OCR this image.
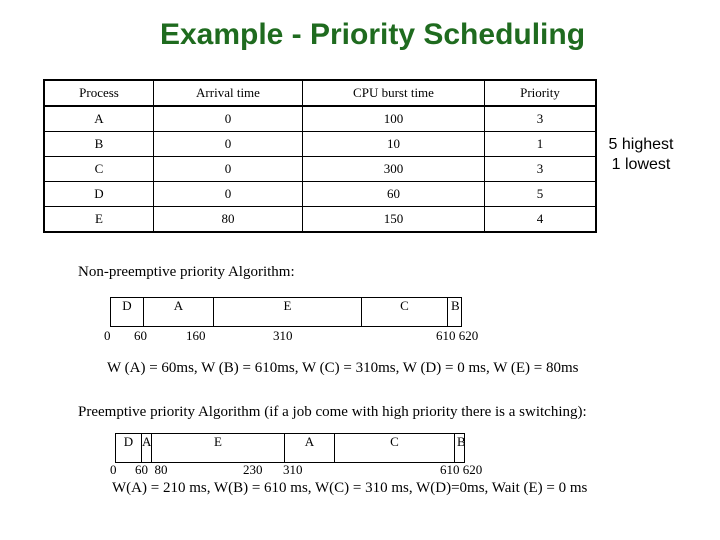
Example - Priority Scheduling
Process	Arrival time	CPU burst time	Priority
A	0	100	3
B	0	10	1
C	0	300	3
D	0	60	5
E	80	150	4
5 highest
1 lowest
Non-preemptive priority Algorithm:
D	A	E	C	B
0 60	160	310	610 620
W (A) = 60ms, W (B) = 610ms, W (C) = 310ms, W (D) = 0 ms, W (E) = 80ms
Preemptive priority Algorithm (if a job come with high priority there is a switching):
D A	E	A	C	B
0 60  80	230 310	610 620
W(A) = 210 ms, W(B) = 610 ms, W(C) = 310 ms, W(D)=0ms, Wait (E) = 0 ms
